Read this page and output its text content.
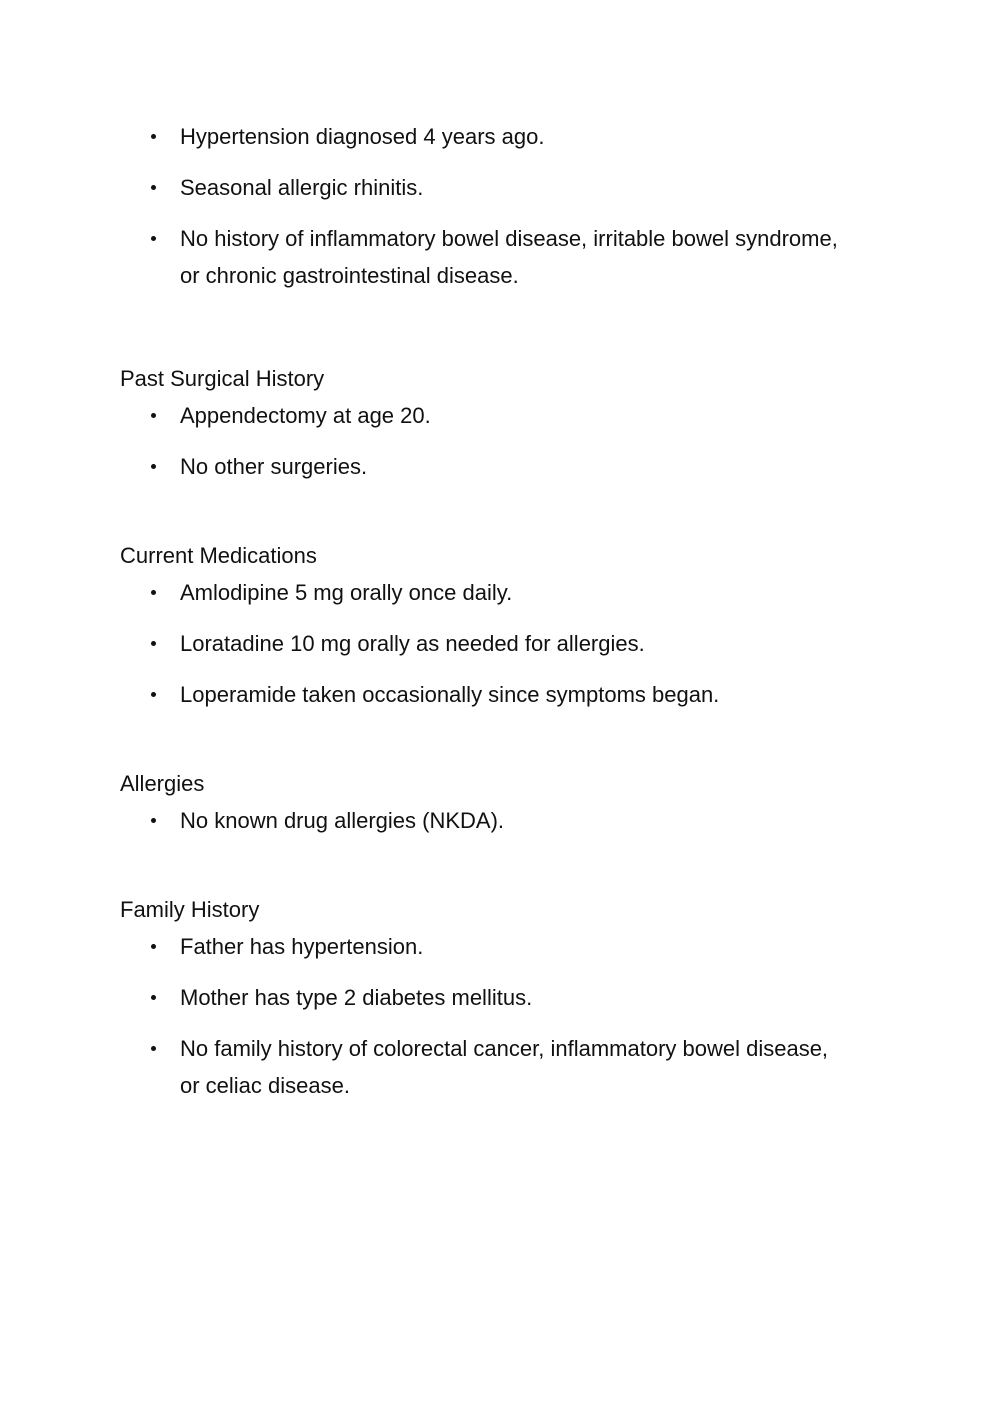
Hypertension diagnosed 4 years ago.
Seasonal allergic rhinitis.
No history of inflammatory bowel disease, irritable bowel syndrome, or chronic gastrointestinal disease.
Past Surgical History
Appendectomy at age 20.
No other surgeries.
Current Medications
Amlodipine 5 mg orally once daily.
Loratadine 10 mg orally as needed for allergies.
Loperamide taken occasionally since symptoms began.
Allergies
No known drug allergies (NKDA).
Family History
Father has hypertension.
Mother has type 2 diabetes mellitus.
No family history of colorectal cancer, inflammatory bowel disease, or celiac disease.
